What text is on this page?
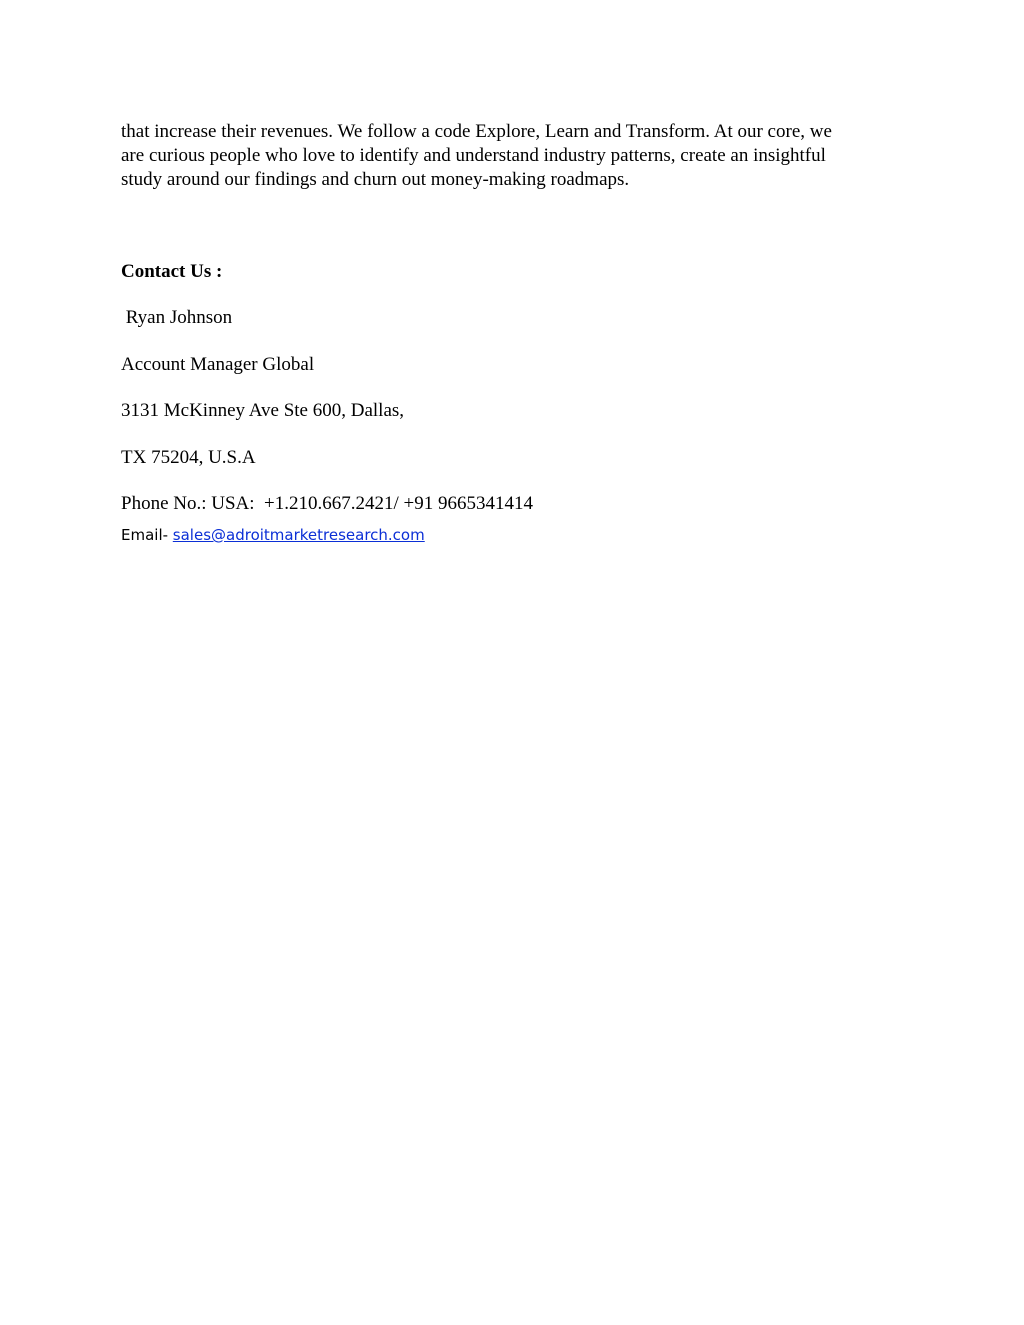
that increase their revenues. We follow a code Explore, Learn and Transform. At our core, we
are curious people who love to identify and understand industry patterns, create an insightful
study around our findings and churn out money-making roadmaps.

Contact Us :
Ryan Johnson
Account Manager Global
3131 McKinney Ave Ste 600, Dallas,
TX 75204, U.S.A
Phone No.: USA:  +1.210.667.2421/ +91 9665341414
Email- sales@adroitmarketresearch.com
